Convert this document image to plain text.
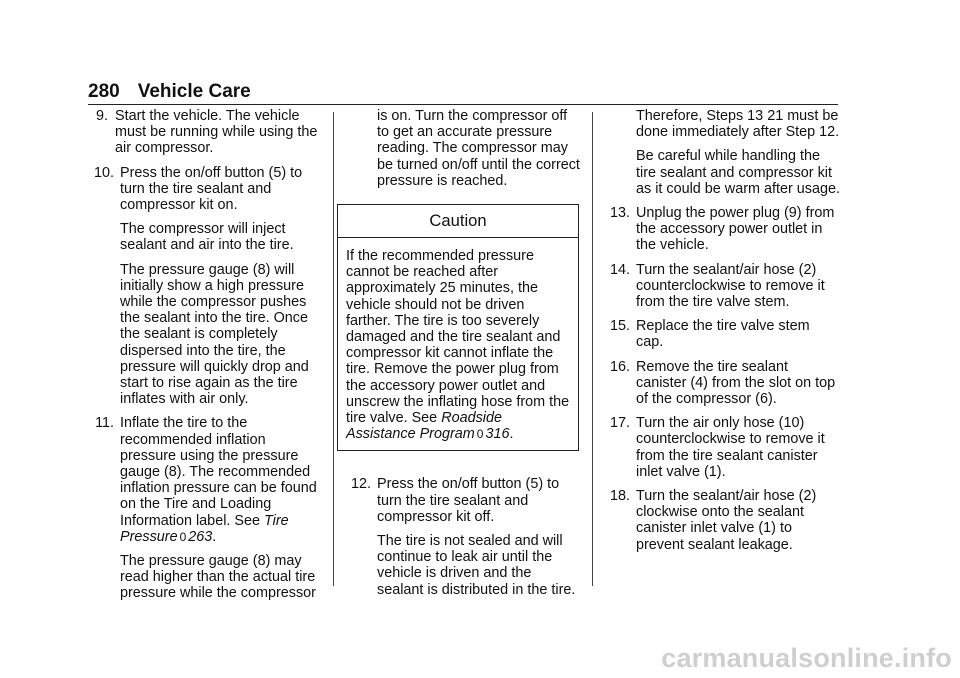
280 Vehicle Care
9. Start the vehicle. The vehicle must be running while using the air compressor.
10. Press the on/off button (5) to turn the tire sealant and compressor kit on.

The compressor will inject sealant and air into the tire.

The pressure gauge (8) will initially show a high pressure while the compressor pushes the sealant into the tire. Once the sealant is completely dispersed into the tire, the pressure will quickly drop and start to rise again as the tire inflates with air only.

11. Inflate the tire to the recommended inflation pressure using the pressure gauge (8). The recommended inflation pressure can be found on the Tire and Loading Information label. See Tire Pressure 0 263.

The pressure gauge (8) may read higher than the actual tire pressure while the compressor

is on. Turn the compressor off to get an accurate pressure reading. The compressor may be turned on/off until the correct pressure is reached.

Caution
If the recommended pressure cannot be reached after approximately 25 minutes, the vehicle should not be driven farther. The tire is too severely damaged and the tire sealant and compressor kit cannot inflate the tire. Remove the power plug from the accessory power outlet and unscrew the inflating hose from the tire valve. See Roadside Assistance Program 0 316.
12. Press the on/off button (5) to turn the tire sealant and compressor kit off.

The tire is not sealed and will continue to leak air until the vehicle is driven and the sealant is distributed in the tire.

Therefore, Steps 13 21 must be done immediately after Step 12.

Be careful while handling the tire sealant and compressor kit as it could be warm after usage.

13. Unplug the power plug (9) from the accessory power outlet in the vehicle.
14. Turn the sealant/air hose (2) counterclockwise to remove it from the tire valve stem.
15. Replace the tire valve stem cap.
16. Remove the tire sealant canister (4) from the slot on top of the compressor (6).
17. Turn the air only hose (10) counterclockwise to remove it from the tire sealant canister inlet valve (1).
18. Turn the sealant/air hose (2) clockwise onto the sealant canister inlet valve (1) to prevent sealant leakage.
carmanualsonline.info
